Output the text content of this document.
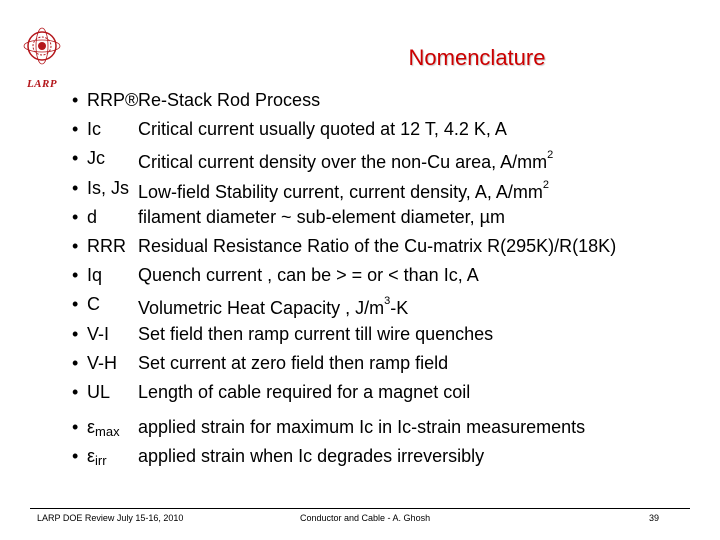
LARP
Nomenclature
• RRP® Re-Stack Rod Process
• Ic Critical current usually quoted at 12 T, 4.2 K, A
• Jc Critical current density over the non-Cu area, $A/mm^2$
• Is, Js Low-field Stability current, current density, A, $A/mm^2$
• d filament diameter ~ sub-element diameter, µm
• RRR Residual Resistance Ratio of the Cu-matrix R(295K)/R(18K)
• Iq Quench current , can be > = or < than Ic, A
• C Volumetric Heat Capacity , $J/m^3-K$
• V-I Set field then ramp current till wire quenches
• V-H Set current at zero field then ramp field
• UL Length of cable required for a magnet coil
• $\varepsilon_{max}$ applied strain for maximum Ic in Ic-strain measurements
• $\varepsilon_{irr}$ applied strain when Ic degrades irreversibly
LARP DOE Review July 15-16, 2010	Conductor and Cable - A. Ghosh	39
